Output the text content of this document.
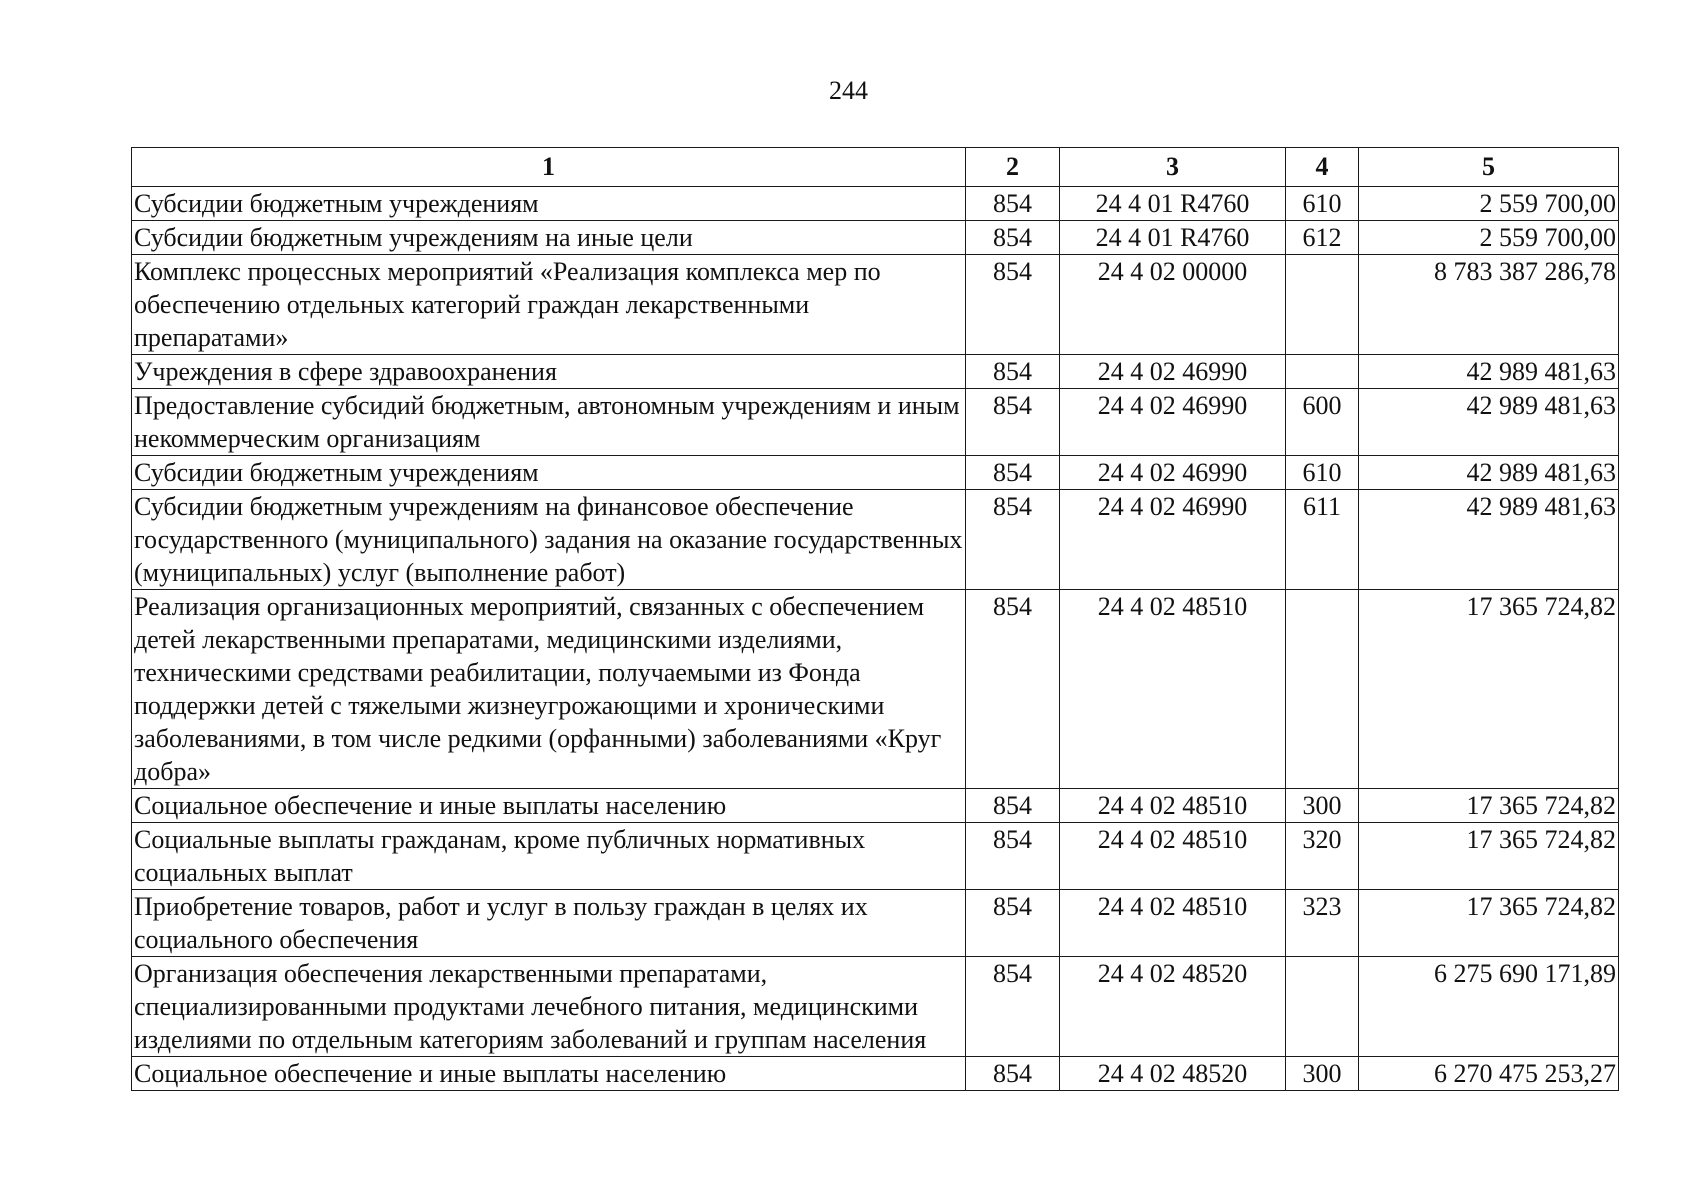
244
1	2	3	4	5
Субсидии бюджетным учреждениям	854	24 4 01 R4760	610	2 559 700,00
Субсидии бюджетным учреждениям на иные цели	854	24 4 01 R4760	612	2 559 700,00
Комплекс процессных мероприятий «Реализация комплекса мер по обеспечению отдельных категорий граждан лекарственными препаратами»	854	24 4 02 00000		8 783 387 286,78
Учреждения в сфере здравоохранения	854	24 4 02 46990		42 989 481,63
Предоставление субсидий бюджетным, автономным учреждениям и иным некоммерческим организациям	854	24 4 02 46990	600	42 989 481,63
Субсидии бюджетным учреждениям	854	24 4 02 46990	610	42 989 481,63
Субсидии бюджетным учреждениям на финансовое обеспечение государственного (муниципального) задания на оказание государственных (муниципальных) услуг (выполнение работ)	854	24 4 02 46990	611	42 989 481,63
Реализация организационных мероприятий, связанных с обеспечением детей лекарственными препаратами, медицинскими изделиями, техническими средствами реабилитации, получаемыми из Фонда поддержки детей с тяжелыми жизнеугрожающими и хроническими заболеваниями, в том числе редкими (орфанными) заболеваниями «Круг добра»	854	24 4 02 48510		17 365 724,82
Социальное обеспечение и иные выплаты населению	854	24 4 02 48510	300	17 365 724,82
Социальные выплаты гражданам, кроме публичных нормативных социальных выплат	854	24 4 02 48510	320	17 365 724,82
Приобретение товаров, работ и услуг в пользу граждан в целях их социального обеспечения	854	24 4 02 48510	323	17 365 724,82
Организация обеспечения лекарственными препаратами, специализированными продуктами лечебного питания, медицинскими изделиями по отдельным категориям заболеваний и группам населения	854	24 4 02 48520		6 275 690 171,89
Социальное обеспечение и иные выплаты населению	854	24 4 02 48520	300	6 270 475 253,27
